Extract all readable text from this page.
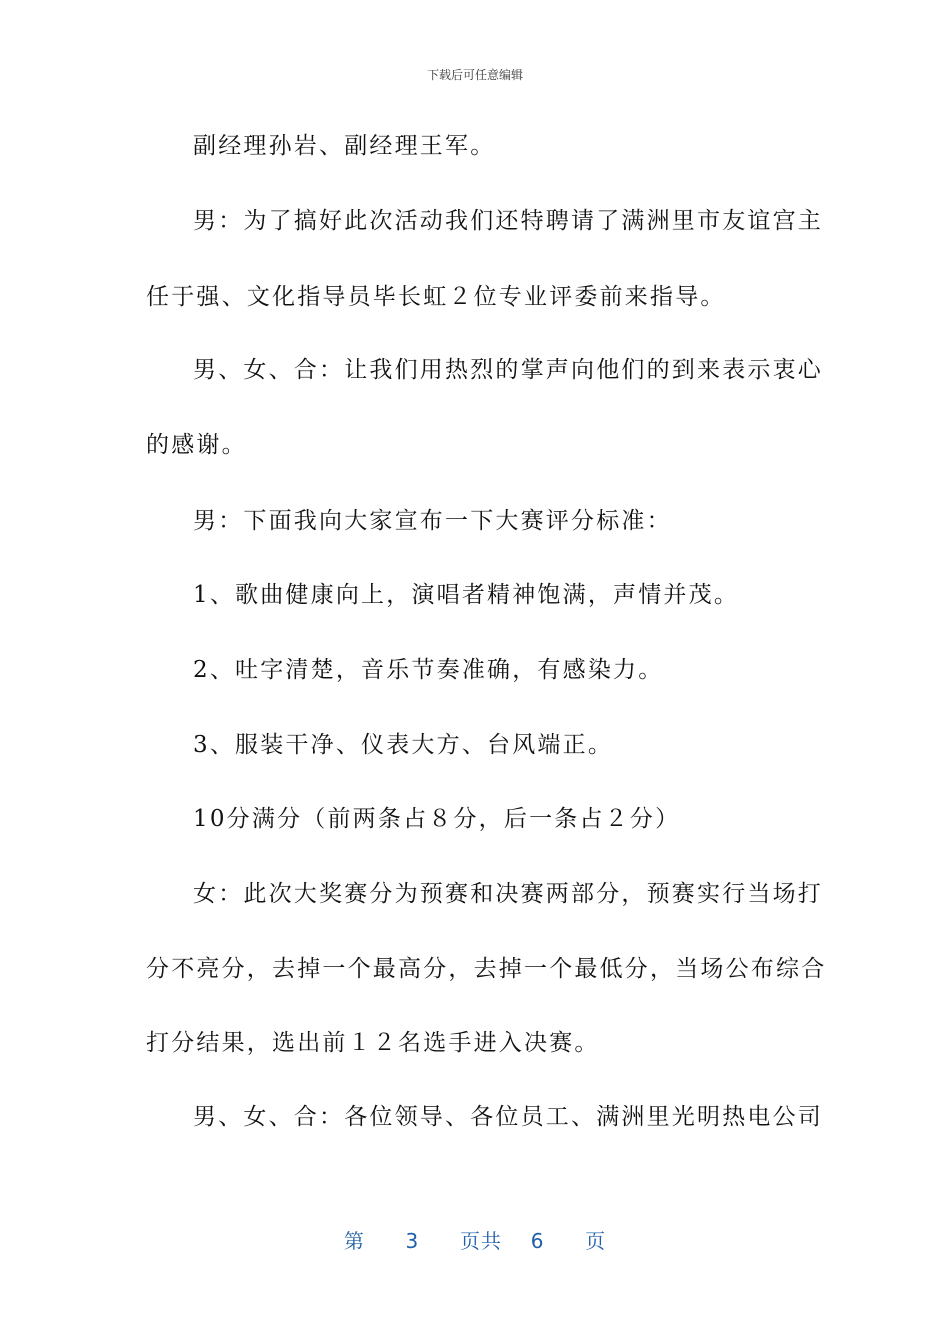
下载后可任意编辑
副经理孙岩、副经理王军。
男：为了搞好此次活动我们还特聘请了满洲里市友谊宫主
任于强、文化指导员毕长虹２位专业评委前来指导。
男、女、合：让我们用热烈的掌声向他们的到来表示衷心
的感谢。
男：下面我向大家宣布一下大赛评分标准：
1、歌曲健康向上，演唱者精神饱满，声情并茂。
2、吐字清楚，音乐节奏准确，有感染力。
3、服装干净、仪表大方、台风端正。
10分满分（前两条占８分，后一条占２分）
女：此次大奖赛分为预赛和决赛两部分，预赛实行当场打
分不亮分，去掉一个最高分，去掉一个最低分，当场公布综合
打分结果，选出前１２名选手进入决赛。
男、女、合：各位领导、各位员工、满洲里光明热电公司
第 3 页共 6 页
